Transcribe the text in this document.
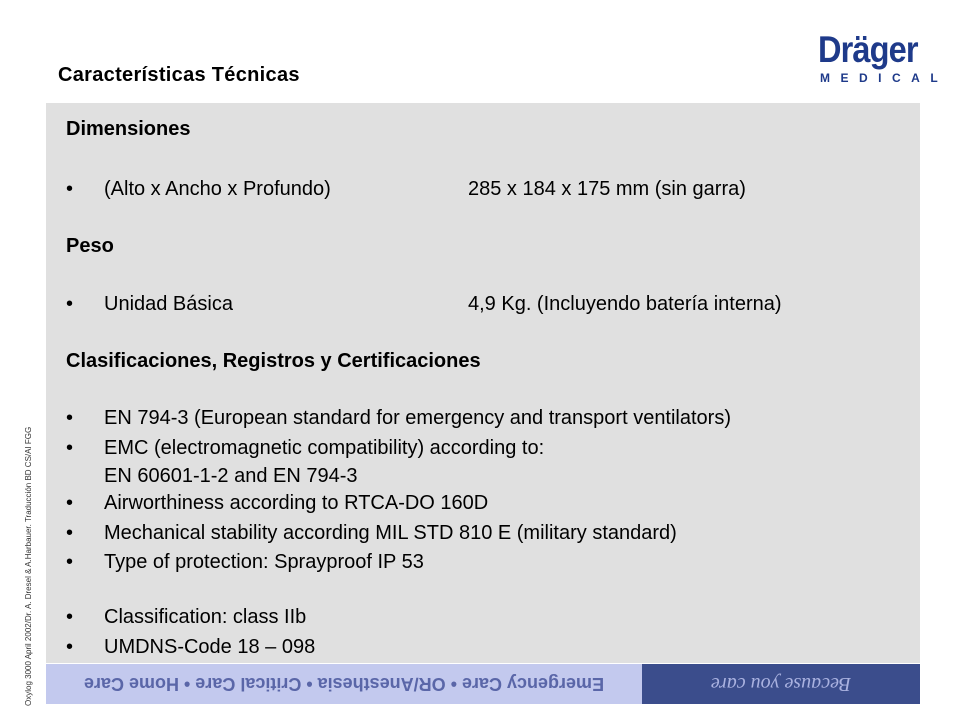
Oxylog 3000 April 2002/Dr. A. Dresel & A.Harbauer. Traducción BD CS/AI FGG
Características Técnicas
Dräger
MEDICAL
Dimensiones
• (Alto x Ancho x Profundo)	285 x 184 x 175 mm (sin garra)
Peso
• Unidad Básica	4,9 Kg. (Incluyendo batería interna)
Clasificaciones, Registros y Certificaciones
• EN 794-3 (European standard for emergency and transport ventilators)
• EMC (electromagnetic compatibility) according to:
EN 60601-1-2 and EN 794-3
• Airworthiness according to RTCA-DO 160D
• Mechanical stability according MIL STD 810 E (military standard)
• Type of protection: Sprayproof IP 53
• Classification: class IIb
• UMDNS-Code 18 – 098
Emergency Care • OR/Anesthesia • Critical Care • Home Care	Because you care
